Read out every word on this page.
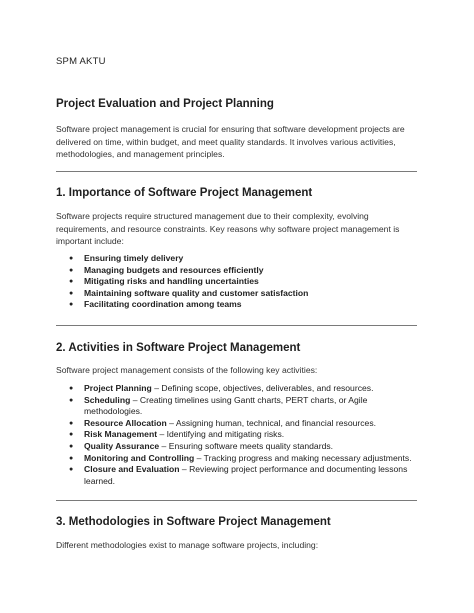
SPM AKTU
Project Evaluation and Project Planning
Software project management is crucial for ensuring that software development projects are delivered on time, within budget, and meet quality standards. It involves various activities, methodologies, and management principles.
1. Importance of Software Project Management
Software projects require structured management due to their complexity, evolving requirements, and resource constraints. Key reasons why software project management is important include:
● Ensuring timely delivery
● Managing budgets and resources efficiently
● Mitigating risks and handling uncertainties
● Maintaining software quality and customer satisfaction
● Facilitating coordination among teams
2. Activities in Software Project Management
Software project management consists of the following key activities:
● Project Planning – Defining scope, objectives, deliverables, and resources.
● Scheduling – Creating timelines using Gantt charts, PERT charts, or Agile methodologies.
● Resource Allocation – Assigning human, technical, and financial resources.
● Risk Management – Identifying and mitigating risks.
● Quality Assurance – Ensuring software meets quality standards.
● Monitoring and Controlling – Tracking progress and making necessary adjustments.
● Closure and Evaluation – Reviewing project performance and documenting lessons learned.
3. Methodologies in Software Project Management
Different methodologies exist to manage software projects, including:
